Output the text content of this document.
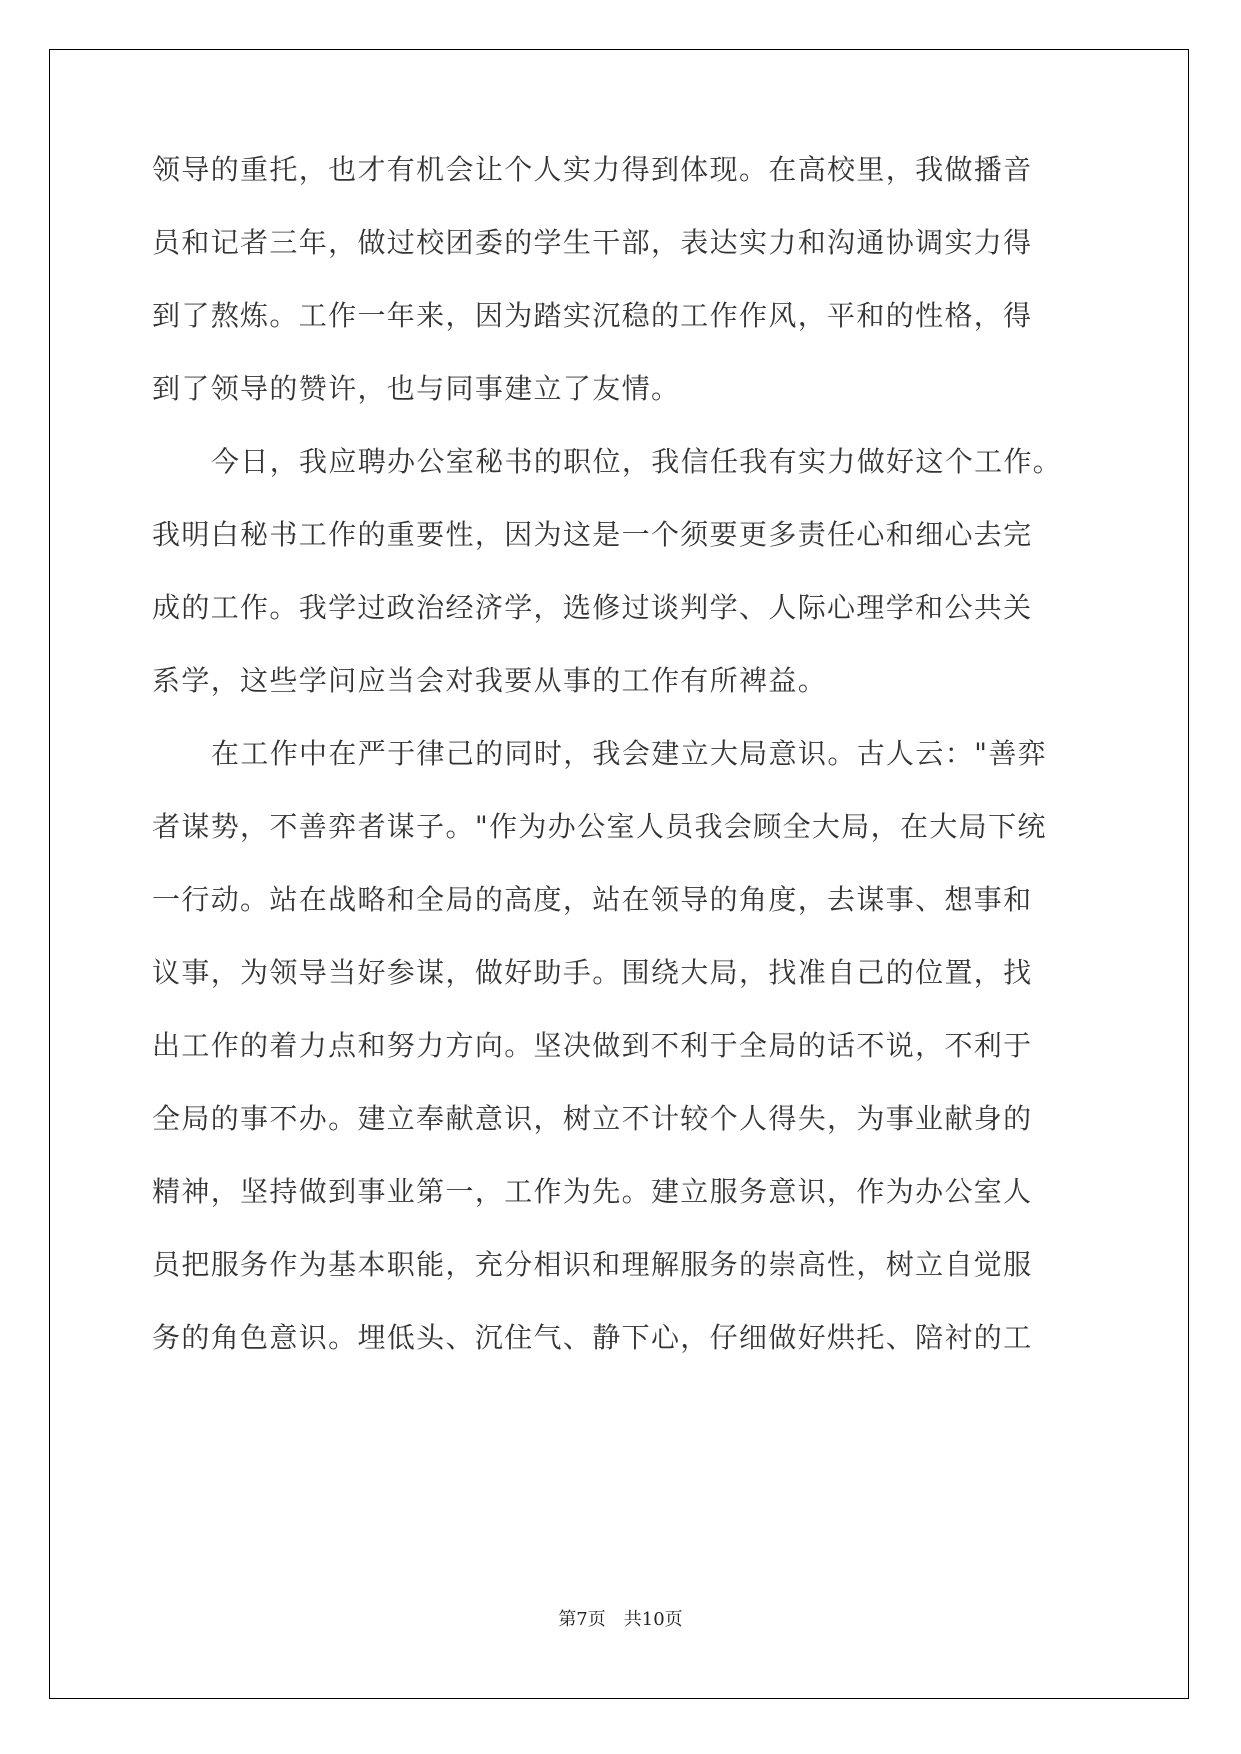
领导的重托，也才有机会让个人实力得到体现。在高校里，我做播音
员和记者三年，做过校团委的学生干部，表达实力和沟通协调实力得
到了熬炼。工作一年来，因为踏实沉稳的工作作风，平和的性格，得
到了领导的赞许，也与同事建立了友情。
今日，我应聘办公室秘书的职位，我信任我有实力做好这个工作。
我明白秘书工作的重要性，因为这是一个须要更多责任心和细心去完
成的工作。我学过政治经济学，选修过谈判学、人际心理学和公共关
系学，这些学问应当会对我要从事的工作有所裨益。
在工作中在严于律己的同时，我会建立大局意识。古人云："善弈
者谋势，不善弈者谋子。"作为办公室人员我会顾全大局，在大局下统
一行动。站在战略和全局的高度，站在领导的角度，去谋事、想事和
议事，为领导当好参谋，做好助手。围绕大局，找准自己的位置，找
出工作的着力点和努力方向。坚决做到不利于全局的话不说，不利于
全局的事不办。建立奉献意识，树立不计较个人得失，为事业献身的
精神，坚持做到事业第一，工作为先。建立服务意识，作为办公室人
员把服务作为基本职能，充分相识和理解服务的崇高性，树立自觉服
务的角色意识。埋低头、沉住气、静下心，仔细做好烘托、陪衬的工
第7页 共10页
